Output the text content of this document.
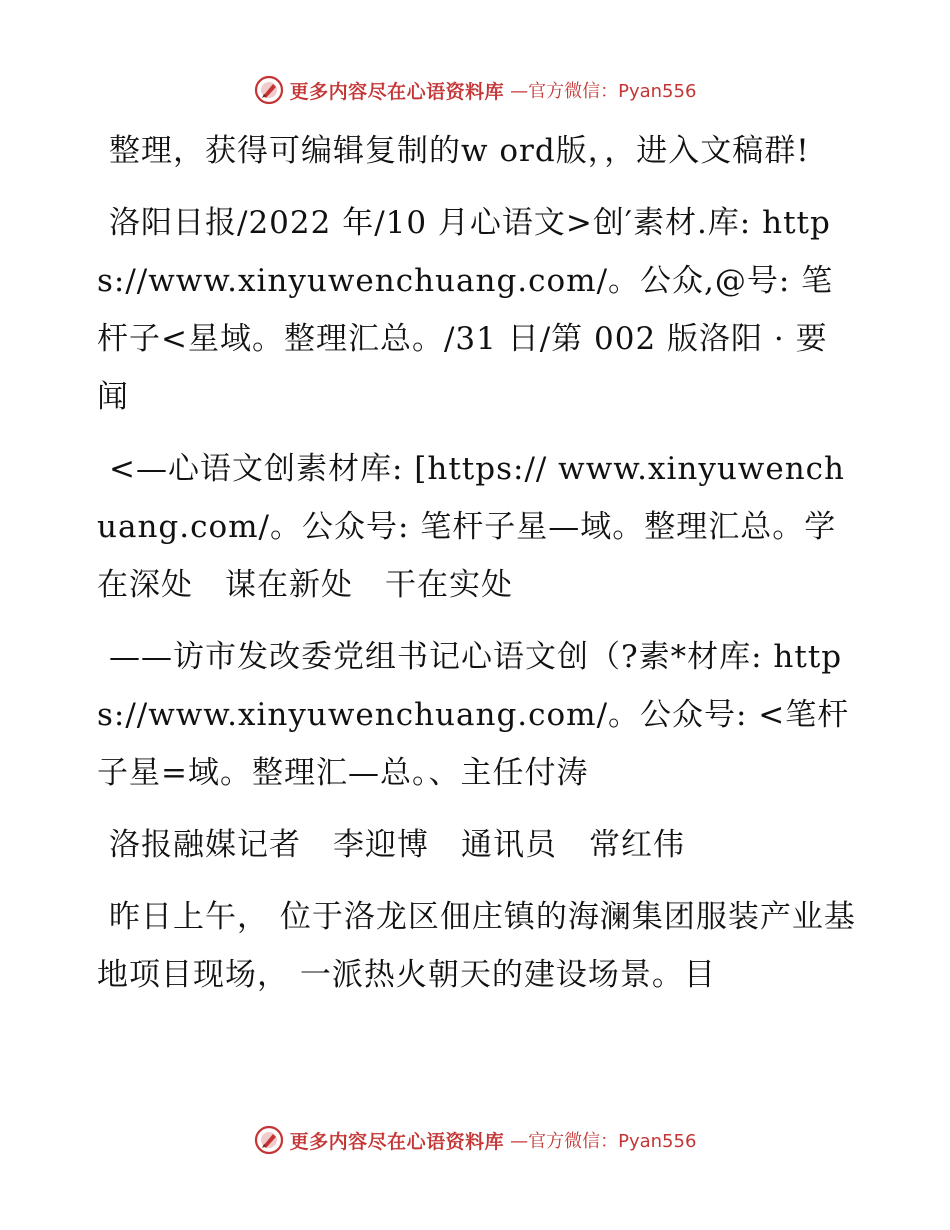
更多内容尽在心语资料库 —官方微信：Pyan556

整理，获得可编辑复制的w ord版，，进入文稿群!

洛阳日报/2022 年/10 月心语文>创′素材.库: https://www.xinyuwenchuang.com/。公众,@号: 笔杆子<星域。整理汇总。/31 日/第 002 版洛阳 · 要闻

<—心语文创素材库: [https:// www.xinyuwenchuang.com/。公众号: 笔杆子星—域。整理汇总。学在深处　谋在新处　干在实处

——访市发改委党组书记心语文创（?素*材库: https://www.xinyuwenchuang.com/。公众号: <笔杆子星=域。整理汇—总。、主任付涛

洛报融媒记者　李迎博　通讯员　常红伟

昨日上午， 位于洛龙区佃庄镇的海澜集团服装产业基地项目现场， 一派热火朝天的建设场景。目

更多内容尽在心语资料库 —官方微信：Pyan556
